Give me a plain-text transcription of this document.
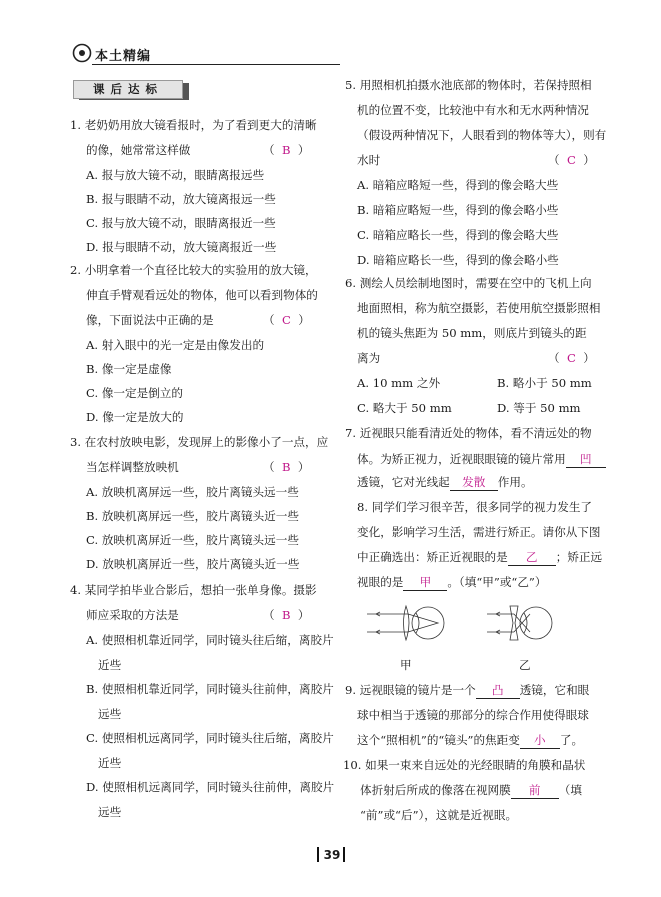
本土精编
课后达标
1. 老奶奶用放大镜看报时，为了看到更大的清晰
的像，她常常这样做	（  B  ）
A. 报与放大镜不动，眼睛离报远些
B. 报与眼睛不动，放大镜离报远一些
C. 报与放大镜不动，眼睛离报近一些
D. 报与眼睛不动，放大镜离报近一些
2. 小明拿着一个直径比较大的实验用的放大镜，
伸直手臂观看远处的物体，他可以看到物体的
像，下面说法中正确的是	（  C  ）
A. 射入眼中的光一定是由像发出的
B. 像一定是虚像
C. 像一定是倒立的
D. 像一定是放大的
3. 在农村放映电影，发现屏上的影像小了一点，应
当怎样调整放映机	（  B  ）
A. 放映机离屏远一些，胶片离镜头远一些
B. 放映机离屏远一些，胶片离镜头近一些
C. 放映机离屏近一些，胶片离镜头远一些
D. 放映机离屏近一些，胶片离镜头近一些
4. 某同学拍毕业合影后，想拍一张单身像。摄影
师应采取的方法是	（  B  ）
A. 使照相机靠近同学，同时镜头往后缩，离胶片
近些
B. 使照相机靠近同学，同时镜头往前伸，离胶片
远些
C. 使照相机远离同学，同时镜头往后缩，离胶片
近些
D. 使照相机远离同学，同时镜头往前伸，离胶片
远些
5. 用照相机拍摄水池底部的物体时，若保持照相
机的位置不变，比较池中有水和无水两种情况
（假设两种情况下，人眼看到的物体等大），则有
水时	（  C  ）
A. 暗箱应略短一些，得到的像会略大些
B. 暗箱应略短一些，得到的像会略小些
C. 暗箱应略长一些，得到的像会略大些
D. 暗箱应略长一些，得到的像会略小些
6. 测绘人员绘制地图时，需要在空中的飞机上向
地面照相，称为航空摄影，若使用航空摄影照相
机的镜头焦距为 50 mm，则底片到镜头的距
离为	（  C  ）
A. 10 mm 之外	B. 略小于 50 mm
C. 略大于 50 mm	D. 等于 50 mm
7. 近视眼只能看清近处的物体，看不清远处的物
体。为矫正视力，近视眼眼镜的镜片常用 凹
透镜，它对光线起 发散 作用。
8. 同学们学习很辛苦，很多同学的视力发生了
变化，影响学习生活，需进行矫正。请你从下图
中正确选出：矫正近视眼的是 乙 ；矫正远
视眼的是 甲 。（填“甲”或“乙”）
甲	乙
9. 远视眼镜的镜片是一个 凸 透镜，它和眼
球中相当于透镜的那部分的综合作用使得眼球
这个“照相机”的“镜头”的焦距变 小 了。
10. 如果一束来自远处的光经眼睛的角膜和晶状
体折射后所成的像落在视网膜 前 （填
“前”或“后”），这就是近视眼。
39
